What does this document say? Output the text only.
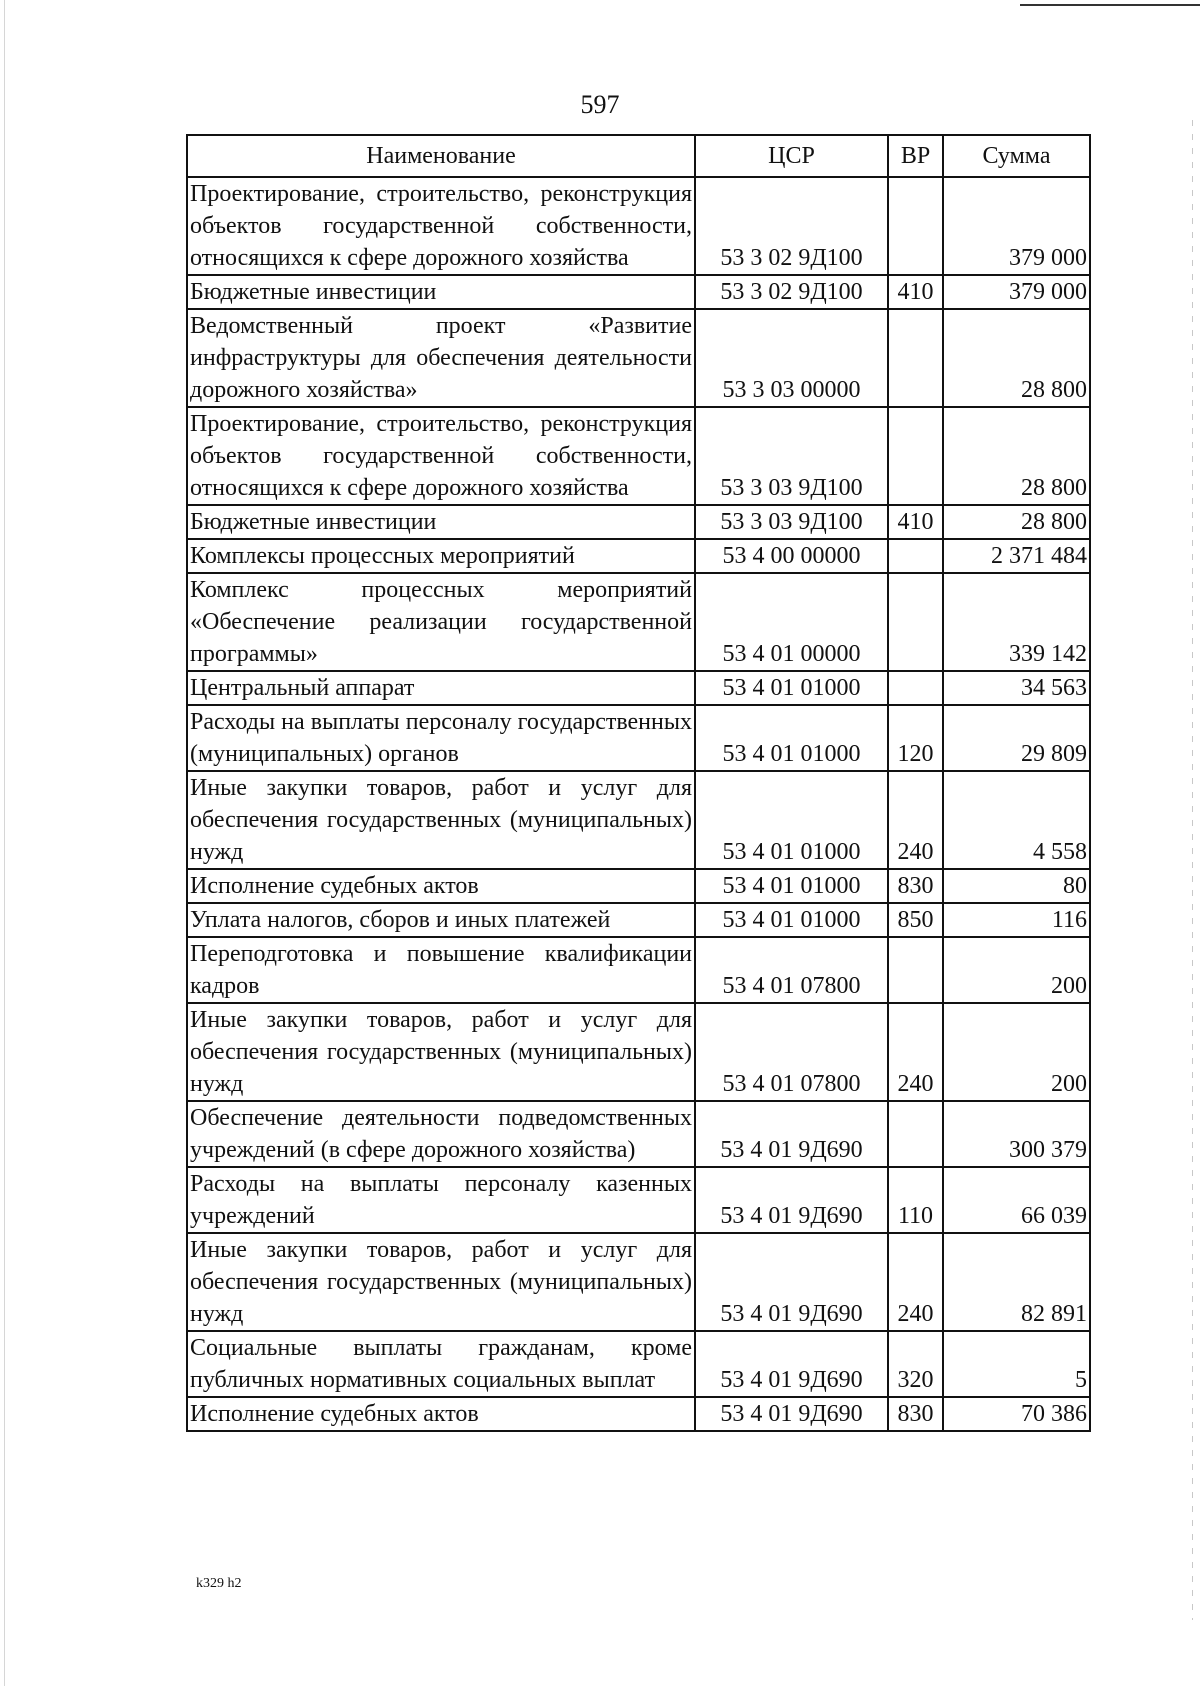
597
Наименование	ЦСР	ВР	Сумма
Проектирование, строительство, реконструкция объектов государственной собственности, относящихся к сфере дорожного хозяйства	53 3 02 9Д100		379 000
Бюджетные инвестиции	53 3 02 9Д100	410	379 000
Ведомственный проект «Развитие инфраструктуры для обеспечения деятельности дорожного хозяйства»	53 3 03 00000		28 800
Проектирование, строительство, реконструкция объектов государственной собственности, относящихся к сфере дорожного хозяйства	53 3 03 9Д100		28 800
Бюджетные инвестиции	53 3 03 9Д100	410	28 800
Комплексы процессных мероприятий	53 4 00 00000		2 371 484
Комплекс процессных мероприятий «Обеспечение реализации государственной программы»	53 4 01 00000		339 142
Центральный аппарат	53 4 01 01000		34 563
Расходы на выплаты персоналу государственных (муниципальных) органов	53 4 01 01000	120	29 809
Иные закупки товаров, работ и услуг для обеспечения государственных (муниципальных) нужд	53 4 01 01000	240	4 558
Исполнение судебных актов	53 4 01 01000	830	80
Уплата налогов, сборов и иных платежей	53 4 01 01000	850	116
Переподготовка и повышение квалификации кадров	53 4 01 07800		200
Иные закупки товаров, работ и услуг для обеспечения государственных (муниципальных) нужд	53 4 01 07800	240	200
Обеспечение деятельности подведомственных учреждений (в сфере дорожного хозяйства)	53 4 01 9Д690		300 379
Расходы на выплаты персоналу казенных учреждений	53 4 01 9Д690	110	66 039
Иные закупки товаров, работ и услуг для обеспечения государственных (муниципальных) нужд	53 4 01 9Д690	240	82 891
Социальные выплаты гражданам, кроме публичных нормативных социальных выплат	53 4 01 9Д690	320	5
Исполнение судебных актов	53 4 01 9Д690	830	70 386
k329 h2
